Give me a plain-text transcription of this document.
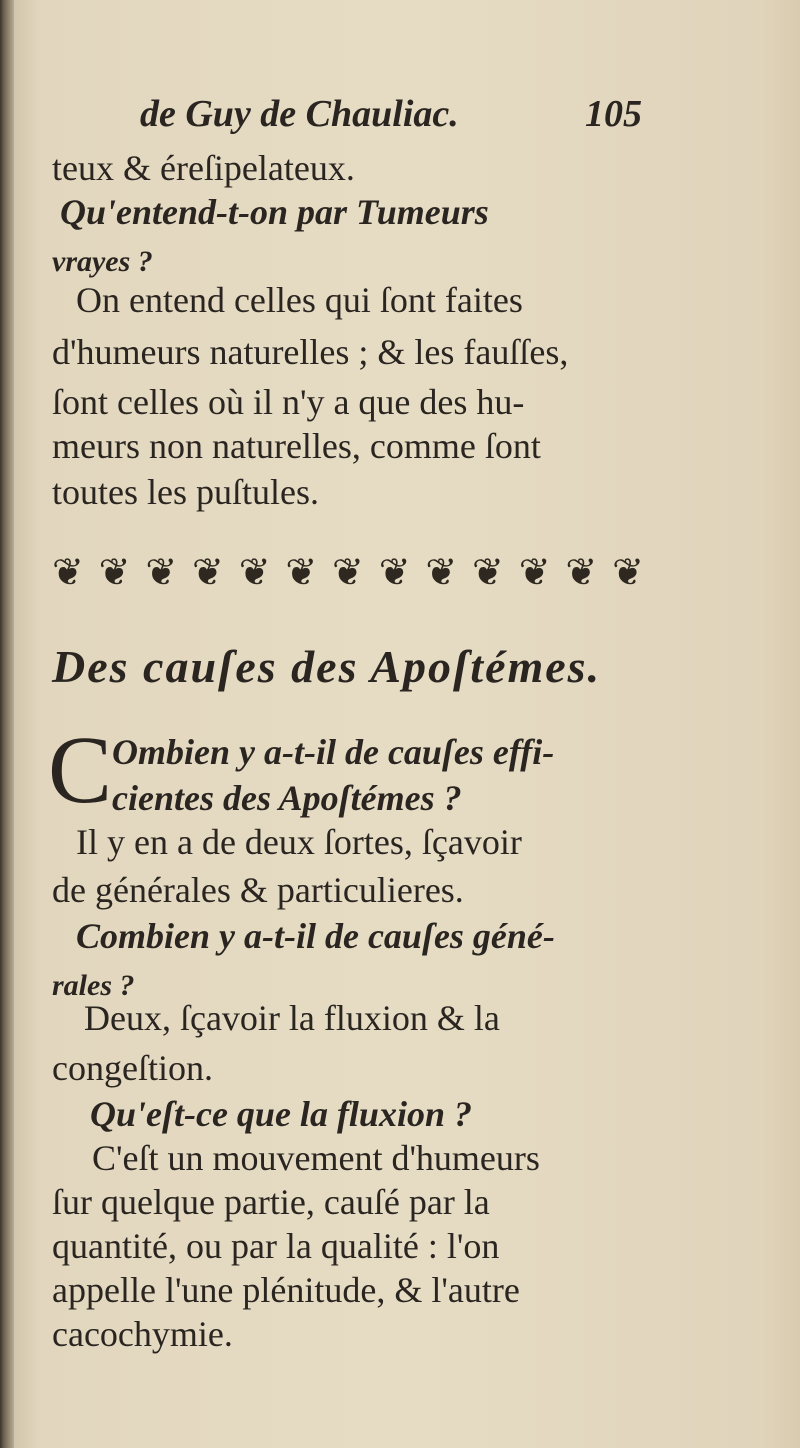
de Guy de Chauliac.	105
teux & éreſipelateux.
Qu'entend-t-on par Tumeurs
vrayes ?
On entend celles qui ſont faites
d'humeurs naturelles ; & les fauſſes,
ſont celles où il n'y a que des hu-
meurs non naturelles, comme ſont
toutes les puſtules.
❦ ❦ ❦ ❦ ❦ ❦ ❦ ❦ ❦ ❦ ❦ ❦ ❦
Des cauſes des Apoſtémes.
C Ombien y a-t-il de cauſes effi-
cientes des Apoſtémes ?
Il y en a de deux ſortes, ſçavoir
de générales & particulieres.
Combien y a-t-il de cauſes géné-
rales ?
Deux, ſçavoir la fluxion & la
congeſtion.
Qu'eſt-ce que la fluxion ?
C'eſt un mouvement d'humeurs
ſur quelque partie, cauſé par la
quantité, ou par la qualité : l'on
appelle l'une plénitude, & l'autre
cacochymie.
